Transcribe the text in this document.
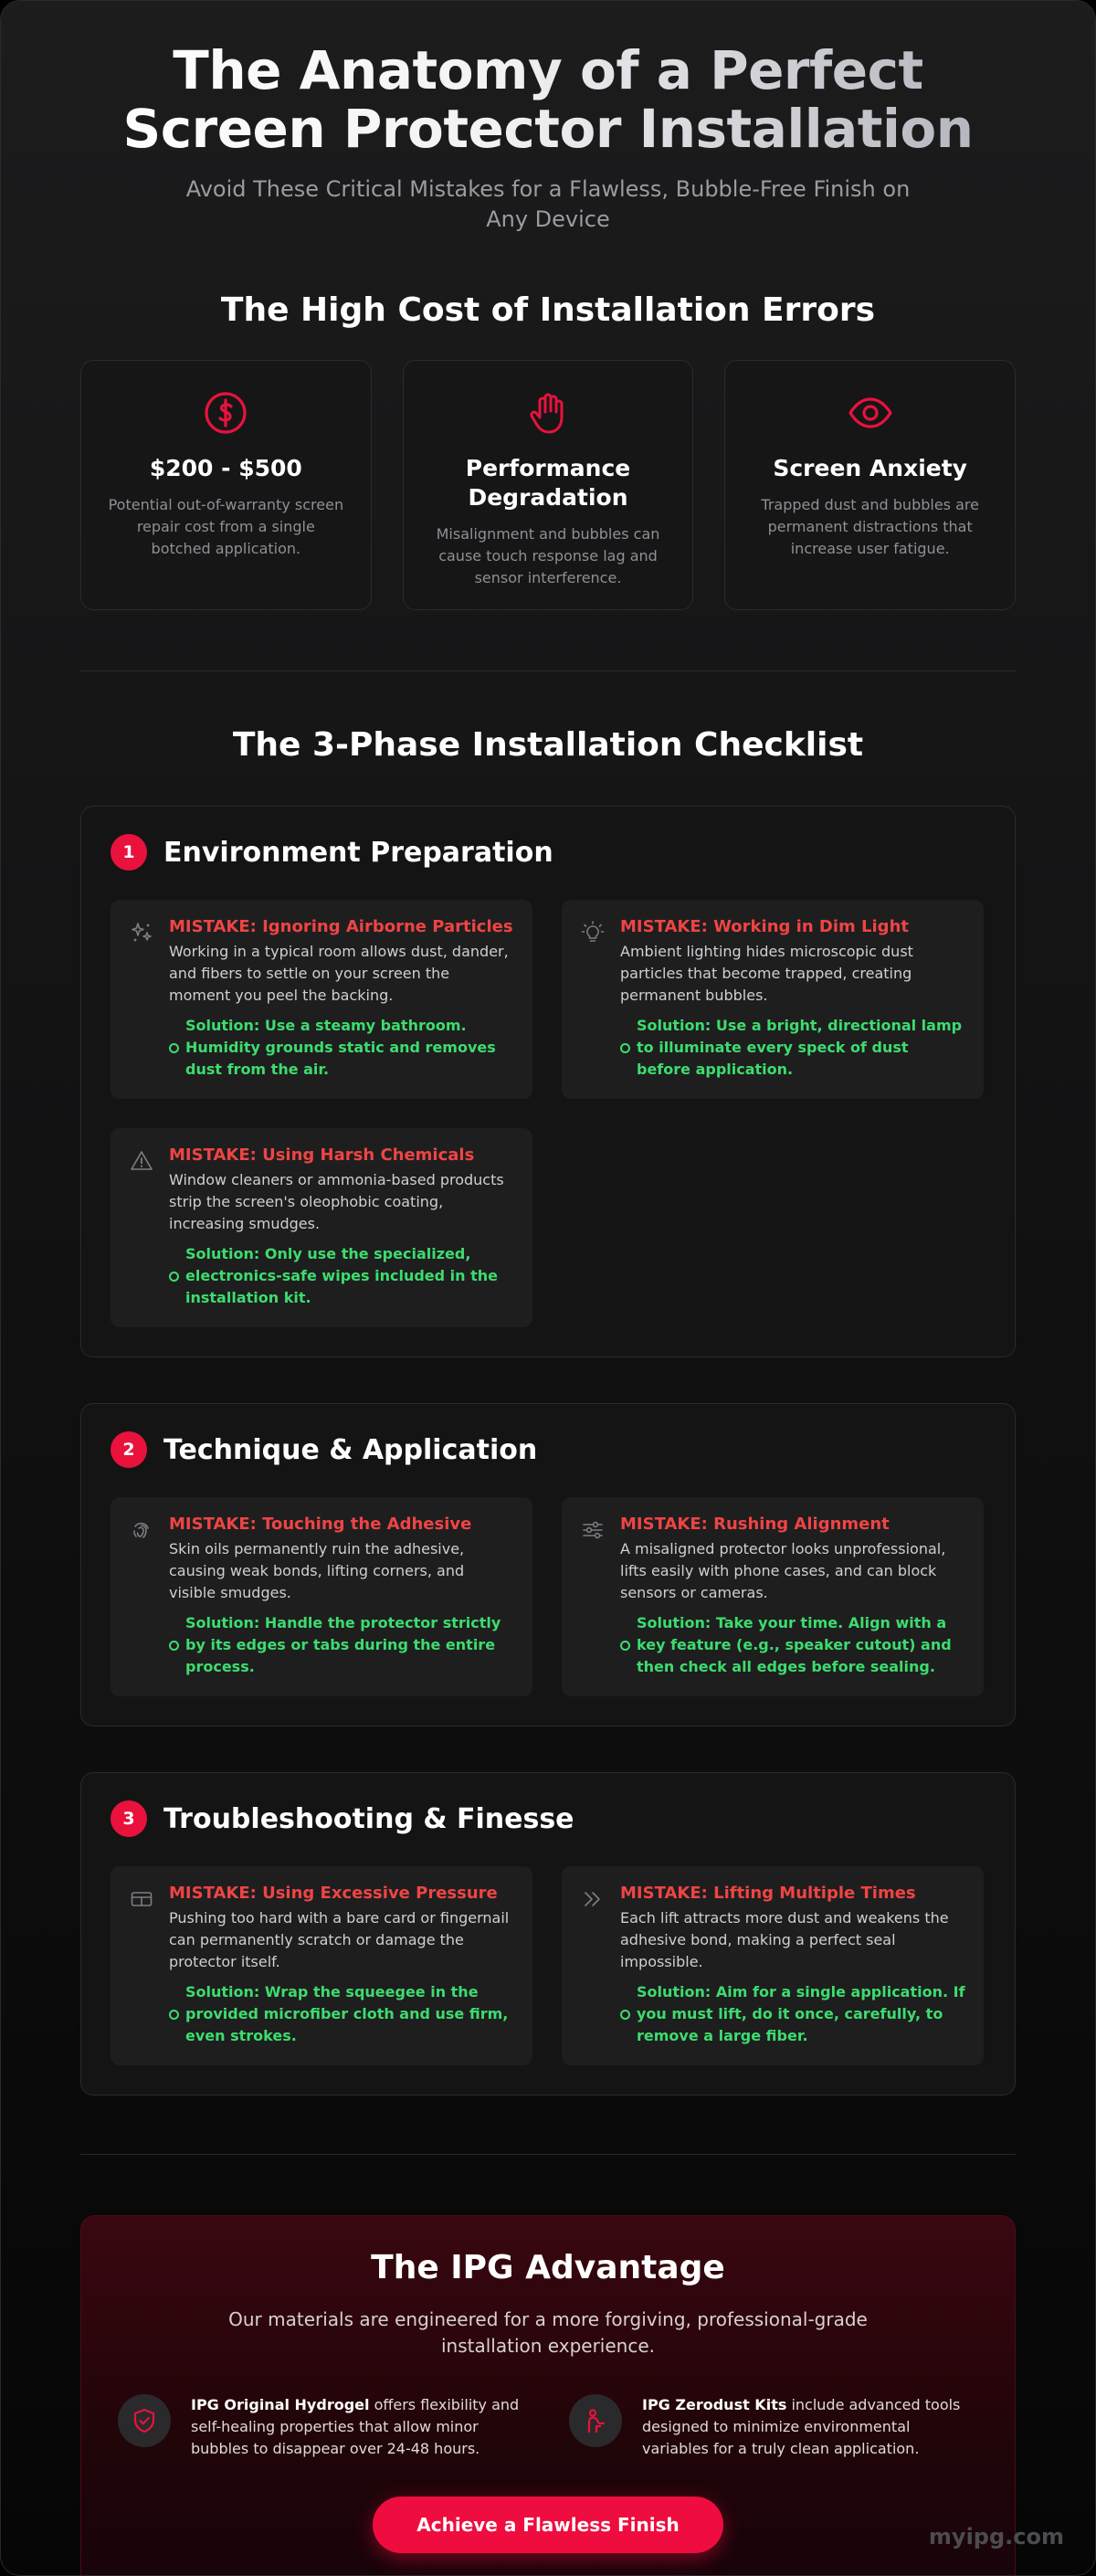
The Anatomy of a Perfect Screen Protector Installation

Avoid These Critical Mistakes for a Flawless, Bubble-Free Finish on Any Device

The High Cost of Installation Errors
$200 - $500

Potential out-of-warranty screen repair cost from a single botched application.

Performance Degradation

Misalignment and bubbles can cause touch response lag and sensor interference.

Screen Anxiety

Trapped dust and bubbles are permanent distractions that increase user fatigue.

The 3-Phase Installation Checklist
1	Environment Preparation
MISTAKE: Ignoring Airborne Particles

Working in a typical room allows dust, dander, and fibers to settle on your screen the moment you peel the backing.

Solution: Use a steamy bathroom. Humidity grounds static and removes dust from the air.

MISTAKE: Working in Dim Light

Ambient lighting hides microscopic dust particles that become trapped, creating permanent bubbles.

Solution: Use a bright, directional lamp to illuminate every speck of dust before application.

MISTAKE: Using Harsh Chemicals

Window cleaners or ammonia-based products strip the screen's oleophobic coating, increasing smudges.

Solution: Only use the specialized, electronics-safe wipes included in the installation kit.

2	Technique & Application
MISTAKE: Touching the Adhesive

Skin oils permanently ruin the adhesive, causing weak bonds, lifting corners, and visible smudges.

Solution: Handle the protector strictly by its edges or tabs during the entire process.

MISTAKE: Rushing Alignment

A misaligned protector looks unprofessional, lifts easily with phone cases, and can block sensors or cameras.

Solution: Take your time. Align with a key feature (e.g., speaker cutout) and then check all edges before sealing.

3	Troubleshooting & Finesse
MISTAKE: Using Excessive Pressure

Pushing too hard with a bare card or fingernail can permanently scratch or damage the protector itself.

Solution: Wrap the squeegee in the provided microfiber cloth and use firm, even strokes.

MISTAKE: Lifting Multiple Times

Each lift attracts more dust and weakens the adhesive bond, making a perfect seal impossible.

Solution: Aim for a single application. If you must lift, do it once, carefully, to remove a large fiber.

The IPG Advantage

Our materials are engineered for a more forgiving, professional-grade installation experience.

IPG Original Hydrogel offers flexibility and self-healing properties that allow minor bubbles to disappear over 24-48 hours.

IPG Zerodust Kits include advanced tools designed to minimize environmental variables for a truly clean application.

Achieve a Flawless Finish	myipg.com
